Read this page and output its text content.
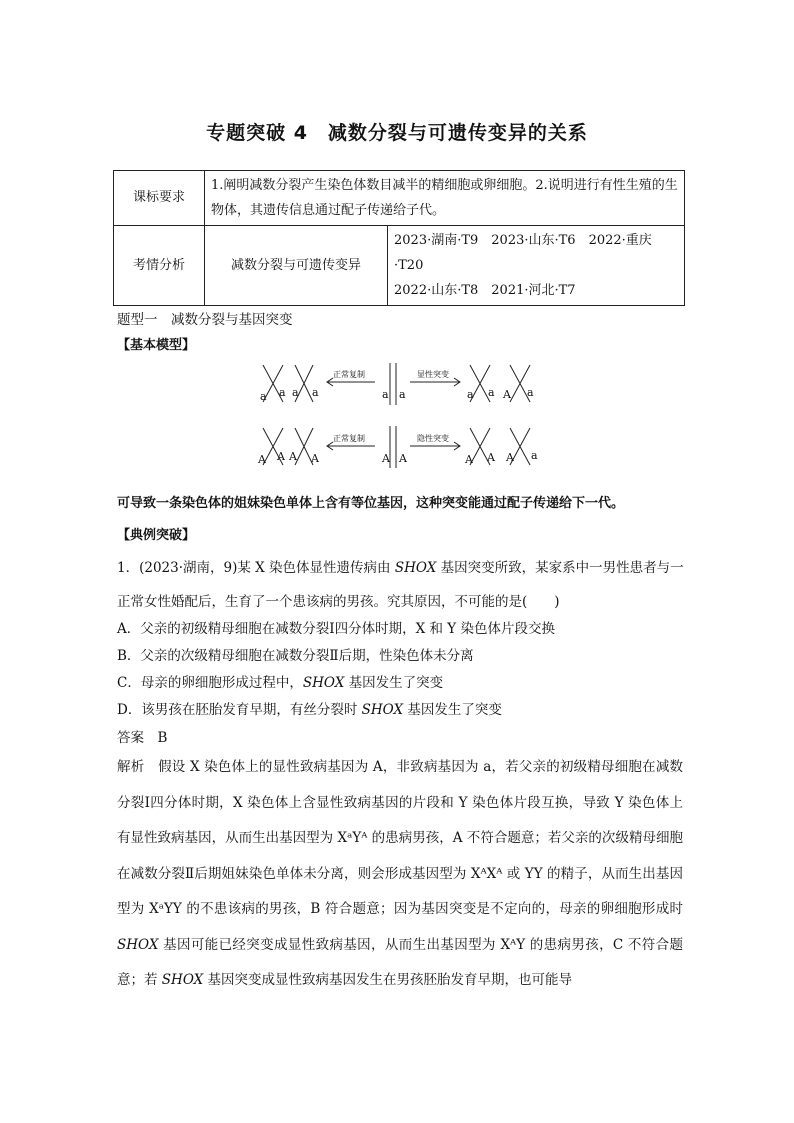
专题突破 4　减数分裂与可遗传变异的关系
课标要求	1.阐明减数分裂产生染色体数目减半的精细胞或卵细胞。2.说明进行有性生殖的生物体，其遗传信息通过配子传递给子代。	
考情分析	减数分裂与可遗传变异	2023·湖南·T9　2023·山东·T6　2022·重庆·T20
2022·山东·T8　2021·河北·T7
题型一　减数分裂与基因突变
【基本模型】
正常复制	显性突变
正常复制	隐性突变
a a
A A
a a a a	a a A a
A A A A	A A A a
可导致一条染色体的姐妹染色单体上含有等位基因，这种突变能通过配子传递给下一代。
【典例突破】
1．(2023·湖南，9)某 X 染色体显性遗传病由 SHOX 基因突变所致，某家系中一男性患者与一
正常女性婚配后，生育了一个患该病的男孩。究其原因，不可能的是(　　)
A．父亲的初级精母细胞在减数分裂Ⅰ四分体时期，X 和 Y 染色体片段交换
B．父亲的次级精母细胞在减数分裂Ⅱ后期，性染色体未分离
C．母亲的卵细胞形成过程中，SHOX 基因发生了突变
D．该男孩在胚胎发育早期，有丝分裂时 SHOX 基因发生了突变
答案　B
解析　假设 X 染色体上的显性致病基因为 A，非致病基因为 a，若父亲的初级精母细胞在减数分裂Ⅰ四分体时期，X 染色体上含显性致病基因的片段和 Y 染色体片段互换，导致 Y 染色体上有显性致病基因，从而生出基因型为 XᵃYᴬ 的患病男孩，A 不符合题意；若父亲的次级精母细胞在减数分裂Ⅱ后期姐妹染色单体未分离，则会形成基因型为 XᴬXᴬ 或 YY 的精子，从而生出基因型为 XᵃYY 的不患该病的男孩，B 符合题意；因为基因突变是不定向的，母亲的卵细胞形成时 SHOX 基因可能已经突变成显性致病基因，从而生出基因型为 XᴬY 的患病男孩，C 不符合题意；若 SHOX 基因突变成显性致病基因发生在男孩胚胎发育早期，也可能导
